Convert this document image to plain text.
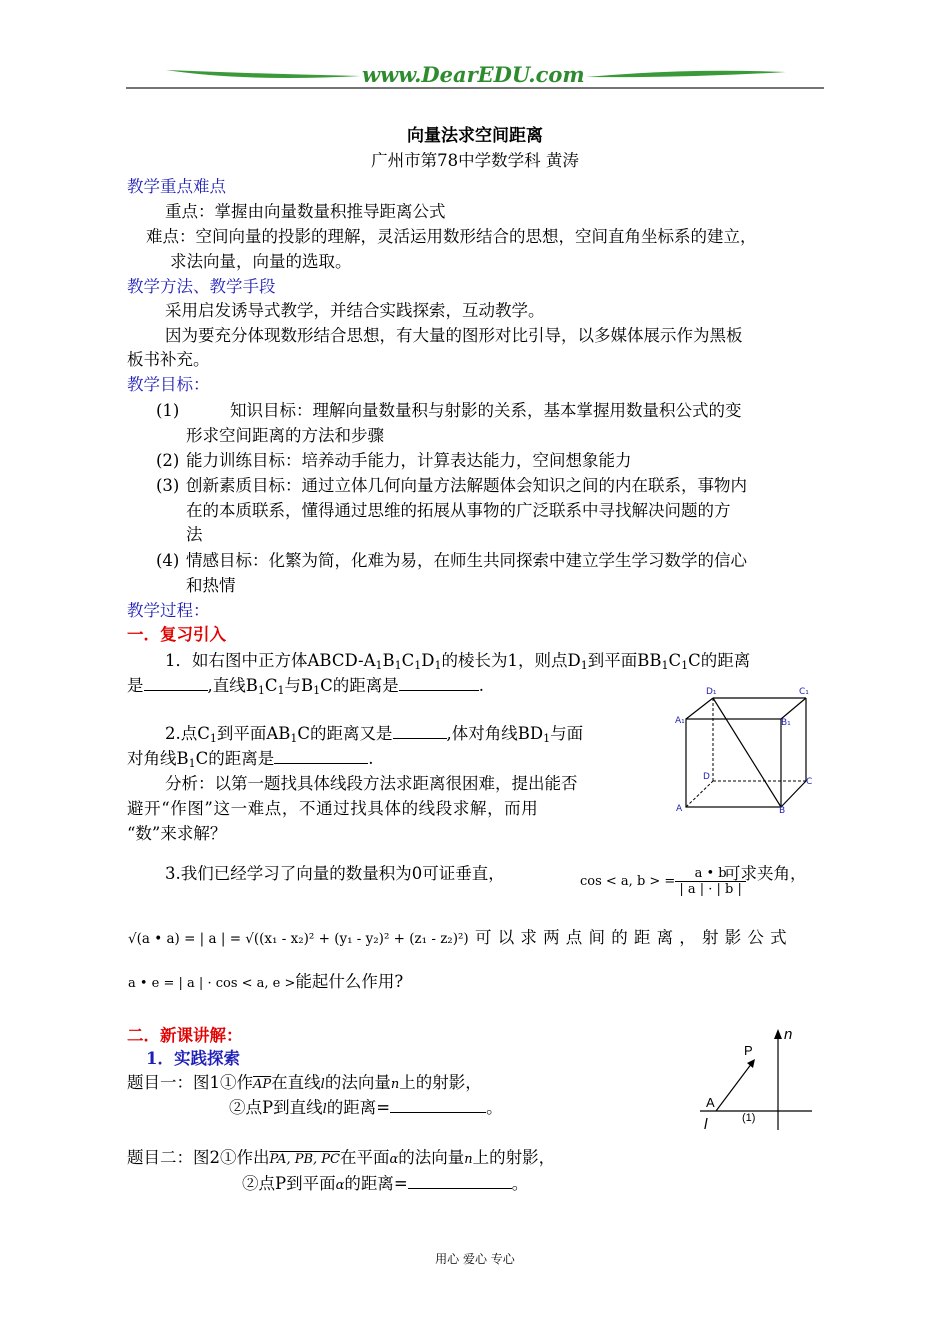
www.DearEDU.com
向量法求空间距离
广州市第78中学数学科 黄涛
教学重点难点
重点：掌握由向量数量积推导距离公式
难点：空间向量的投影的理解，灵活运用数形结合的思想，空间直角坐标系的建立，
求法向量，向量的选取。
教学方法、教学手段
采用启发诱导式教学，并结合实践探索，互动教学。
因为要充分体现数形结合思想，有大量的图形对比引导，以多媒体展示作为黑板
板书补充。
教学目标：
(1)	知识目标：理解向量数量积与射影的关系，基本掌握用数量积公式的变
形求空间距离的方法和步骤
(2) 能力训练目标：培养动手能力，计算表达能力，空间想象能力
(3) 创新素质目标：通过立体几何向量方法解题体会知识之间的内在联系，事物内
在的本质联系，懂得通过思维的拓展从事物的广泛联系中寻找解决问题的方
法
(4) 情感目标：化繁为简，化难为易，在师生共同探索中建立学生学习数学的信心
和热情
教学过程：
一．复习引入
1．如右图中正方体ABCD-$A_1B_1C_1D_1$的棱长为1，则点$D_1$到平面$BB_1C_1C$的距离
是	,直线$B_1C_1$与$B_1C$的距离是	.
2.点$C_1$到平面$AB_1C$的距离又是	,体对角线$BD_1$与面
对角线$B_1C$的距离是	.
分析：以第一题找具体线段方法求距离很困难，提出能否
避开“作图”这一难点，不通过找具体的线段求解，而用
“数”来求解？
D₁	C₁
A₁	B₁
D	C
A	B
3.我们已经学习了向量的数量积为0可证垂直，	cos < a, b > = $\frac{a • b}{| a | \cdot | b |}$
可求夹角，
√(a • a) = | a | = √((x₁ - x₂)² + (y₁ - y₂)² + (z₁ - z₂)²) 可以求两点间的距离，射影公式
a • e = | a | · cos < a, e >能起什么作用?
二．新课讲解：
1．实践探索
题目一：图1①作$\overline{AP}$在直线l的法向量n上的射影，
②点P到直线l的距离=	。
题目二：图2①作出PA, PB, PC在平面α的法向量n上的射影，
②点P到平面α的距离=	。
n
P
A
l	(1)
用心 爱心 专心
